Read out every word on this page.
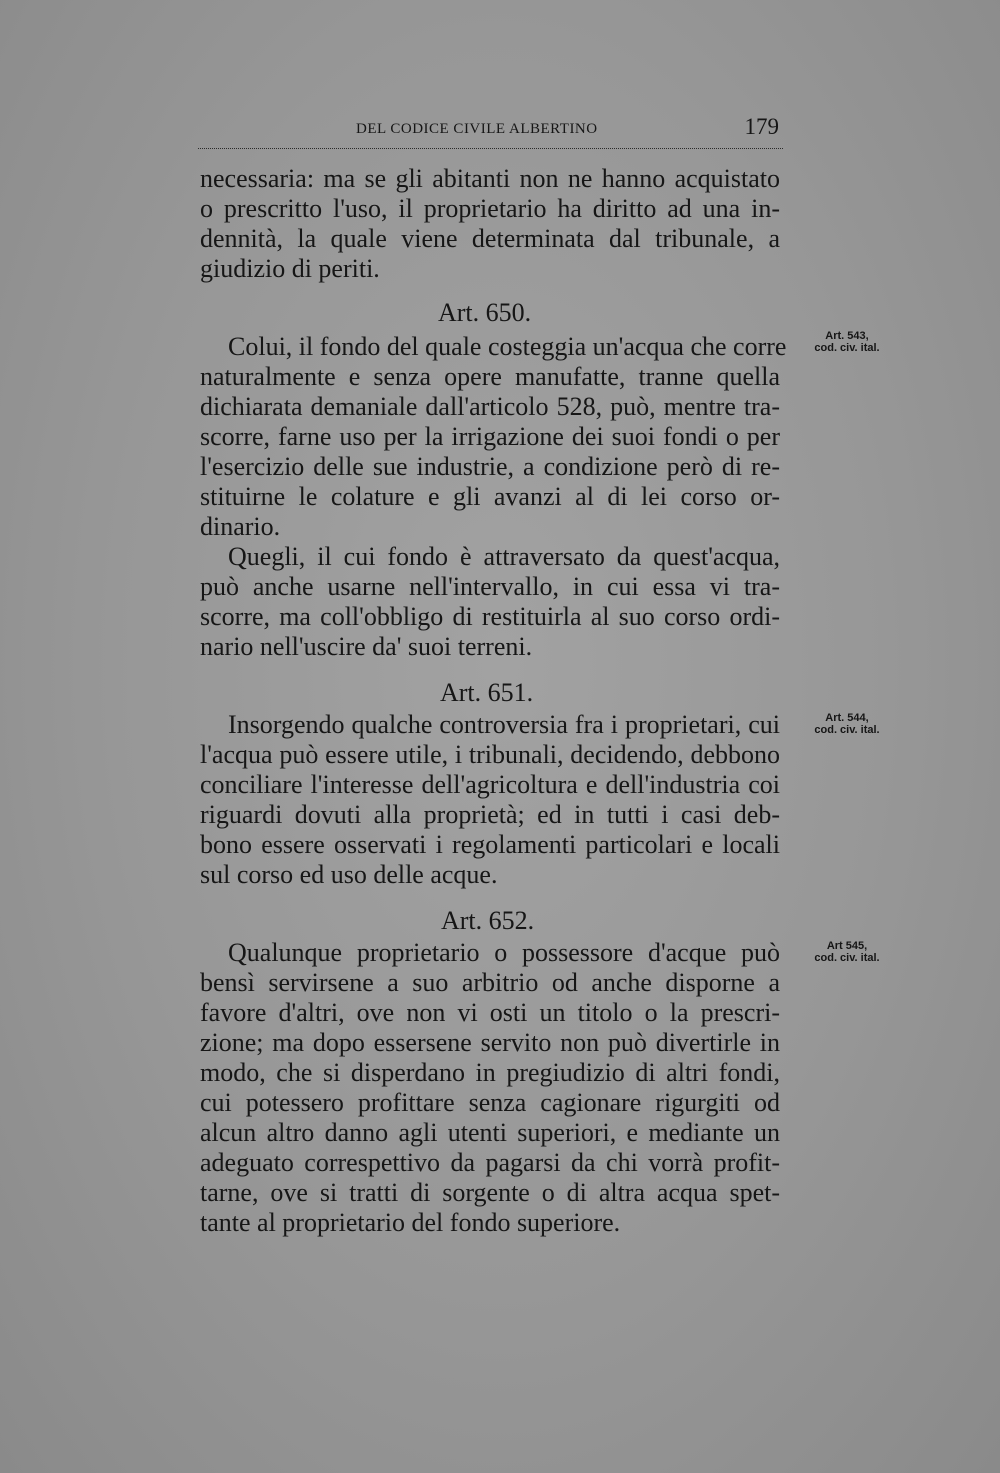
DEL CODICE CIVILE ALBERTINO	179
necessaria: ma se gli abitanti non ne hanno acquistato
o prescritto l'uso, il proprietario ha diritto ad una in-
dennità, la quale viene determinata dal tribunale, a
giudizio di periti.
Art. 650.
Art. 543,
cod. civ. ital.
Colui, il fondo del quale costeggia un'acqua che corre
naturalmente e senza opere manufatte, tranne quella
dichiarata demaniale dall'articolo 528, può, mentre tra-
scorre, farne uso per la irrigazione dei suoi fondi o per
l'esercizio delle sue industrie, a condizione però di re-
stituirne le colature e gli avanzi al di lei corso or-
dinario.
Quegli, il cui fondo è attraversato da quest'acqua,
può anche usarne nell'intervallo, in cui essa vi tra-
scorre, ma coll'obbligo di restituirla al suo corso ordi-
nario nell'uscire da' suoi terreni.
Art. 651.
Art. 544,
cod. civ. ital.
Insorgendo qualche controversia fra i proprietari, cui
l'acqua può essere utile, i tribunali, decidendo, debbono
conciliare l'interesse dell'agricoltura e dell'industria coi
riguardi dovuti alla proprietà; ed in tutti i casi deb-
bono essere osservati i regolamenti particolari e locali
sul corso ed uso delle acque.
Art. 652.
Art 545,
cod. civ. ital.
Qualunque proprietario o possessore d'acque può
bensì servirsene a suo arbitrio od anche disporne a
favore d'altri, ove non vi osti un titolo o la prescri-
zione; ma dopo essersene servito non può divertirle in
modo, che si disperdano in pregiudizio di altri fondi,
cui potessero profittare senza cagionare rigurgiti od
alcun altro danno agli utenti superiori, e mediante un
adeguato correspettivo da pagarsi da chi vorrà profit-
tarne, ove si tratti di sorgente o di altra acqua spet-
tante al proprietario del fondo superiore.
